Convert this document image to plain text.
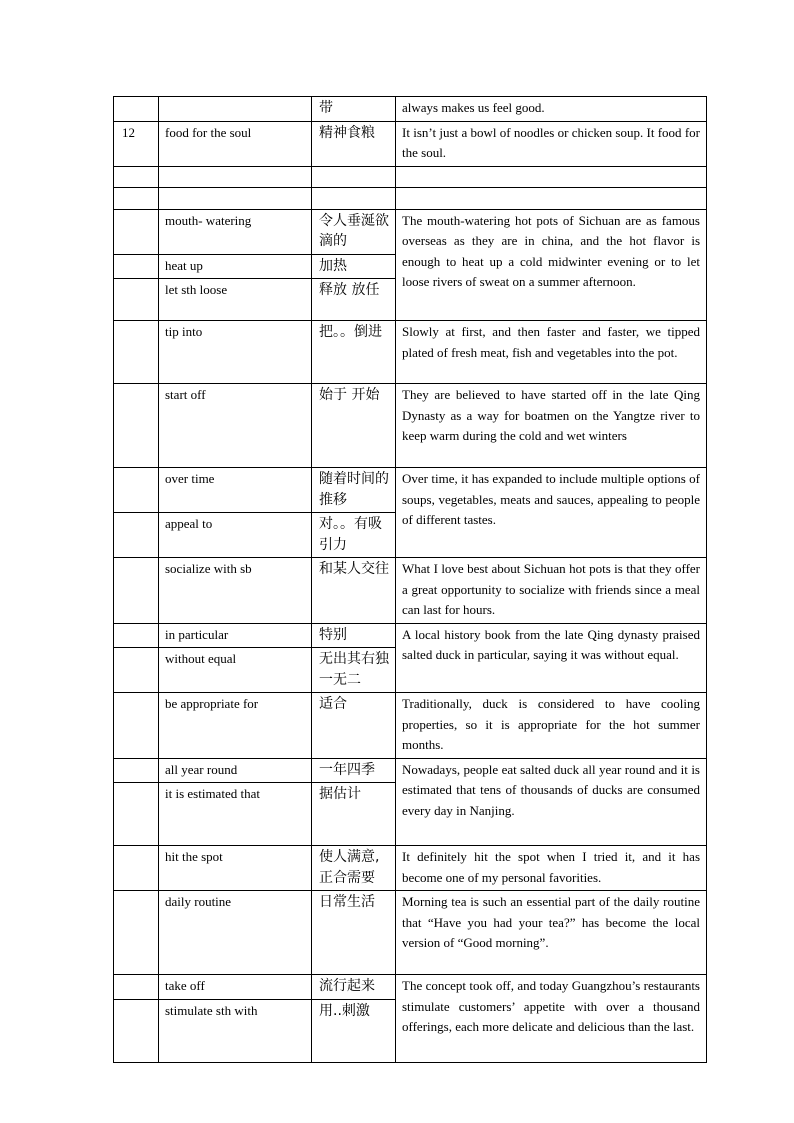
		带	always makes us feel good.
12	food for the soul	精神食粮	It isn’t just a bowl of noodles or chicken soup. It food for the soul.

	mouth- watering	令人垂涎欲滴的	The mouth-watering hot pots of Sichuan are as famous overseas as they are in china, and the hot flavor is enough to heat up a cold midwinter evening or to let loose rivers of sweat on a summer afternoon.
	heat up	加热	
	let sth loose	释放 放任	
	tip into	把。。倒进	Slowly at first, and then faster and faster, we tipped plated of fresh meat, fish and vegetables into the pot.
	start off	始于 开始	They are believed to have started off in the late Qing Dynasty as a way for boatmen on the Yangtze river to keep warm during the cold and wet winters
	over time	随着时间的推移	Over time, it has expanded to include multiple options of soups, vegetables, meats and sauces, appealing to people of different tastes.
	appeal to	对。。有吸引力	
	socialize with sb	和某人交往	What I love best about Sichuan hot pots is that they offer a great opportunity to socialize with friends since a meal can last for hours.
	in particular	特别	A local history book from the late Qing dynasty praised salted duck in particular, saying it was without equal.
	without equal	无出其右独一无二	
	be appropriate for	适合	Traditionally, duck is considered to have cooling properties, so it is appropriate for the hot summer months.
	all year round	一年四季	Nowadays, people eat salted duck all year round and it is estimated that tens of thousands of ducks are consumed every day in Nanjing.
	it is estimated that	据估计	
	hit the spot	使人满意,正合需要	It definitely hit the spot when I tried it, and it has become one of my personal favorities.
	daily routine	日常生活	Morning tea is such an essential part of the daily routine that “Have you had your tea?” has become the local version of “Good morning”.
	take off	流行起来	The concept took off, and today Guangzhou’s restaurants stimulate customers’ appetite with over a thousand offerings, each more delicate and delicious than the last.
	stimulate sth with	用..刺激	
